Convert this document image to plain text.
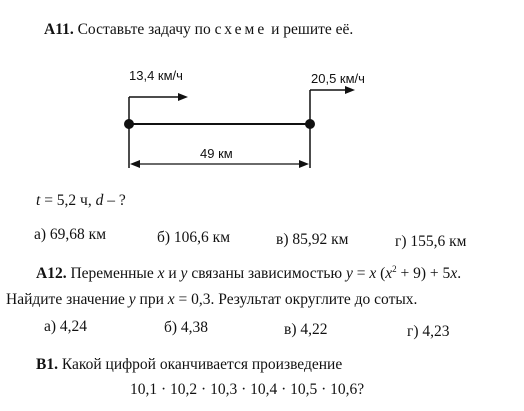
А11. Составьте задачу по схеме и решите её.
13,4 км/ч	20,5 км/ч
49 км
t = 5,2 ч, d – ?
а) 69,68 км	б) 106,6 км	в) 85,92 км	г) 155,6 км
А12. Переменные x и y связаны зависимостью y = x $(x^2 + 9) + 5x$.
Найдите значение y при x = 0,3. Результат округлите до сотых.
а) 4,24	б) 4,38	в) 4,22	г) 4,23
В1. Какой цифрой оканчивается произведение
10,1 · 10,2 · 10,3 · 10,4 · 10,5 · 10,6?
